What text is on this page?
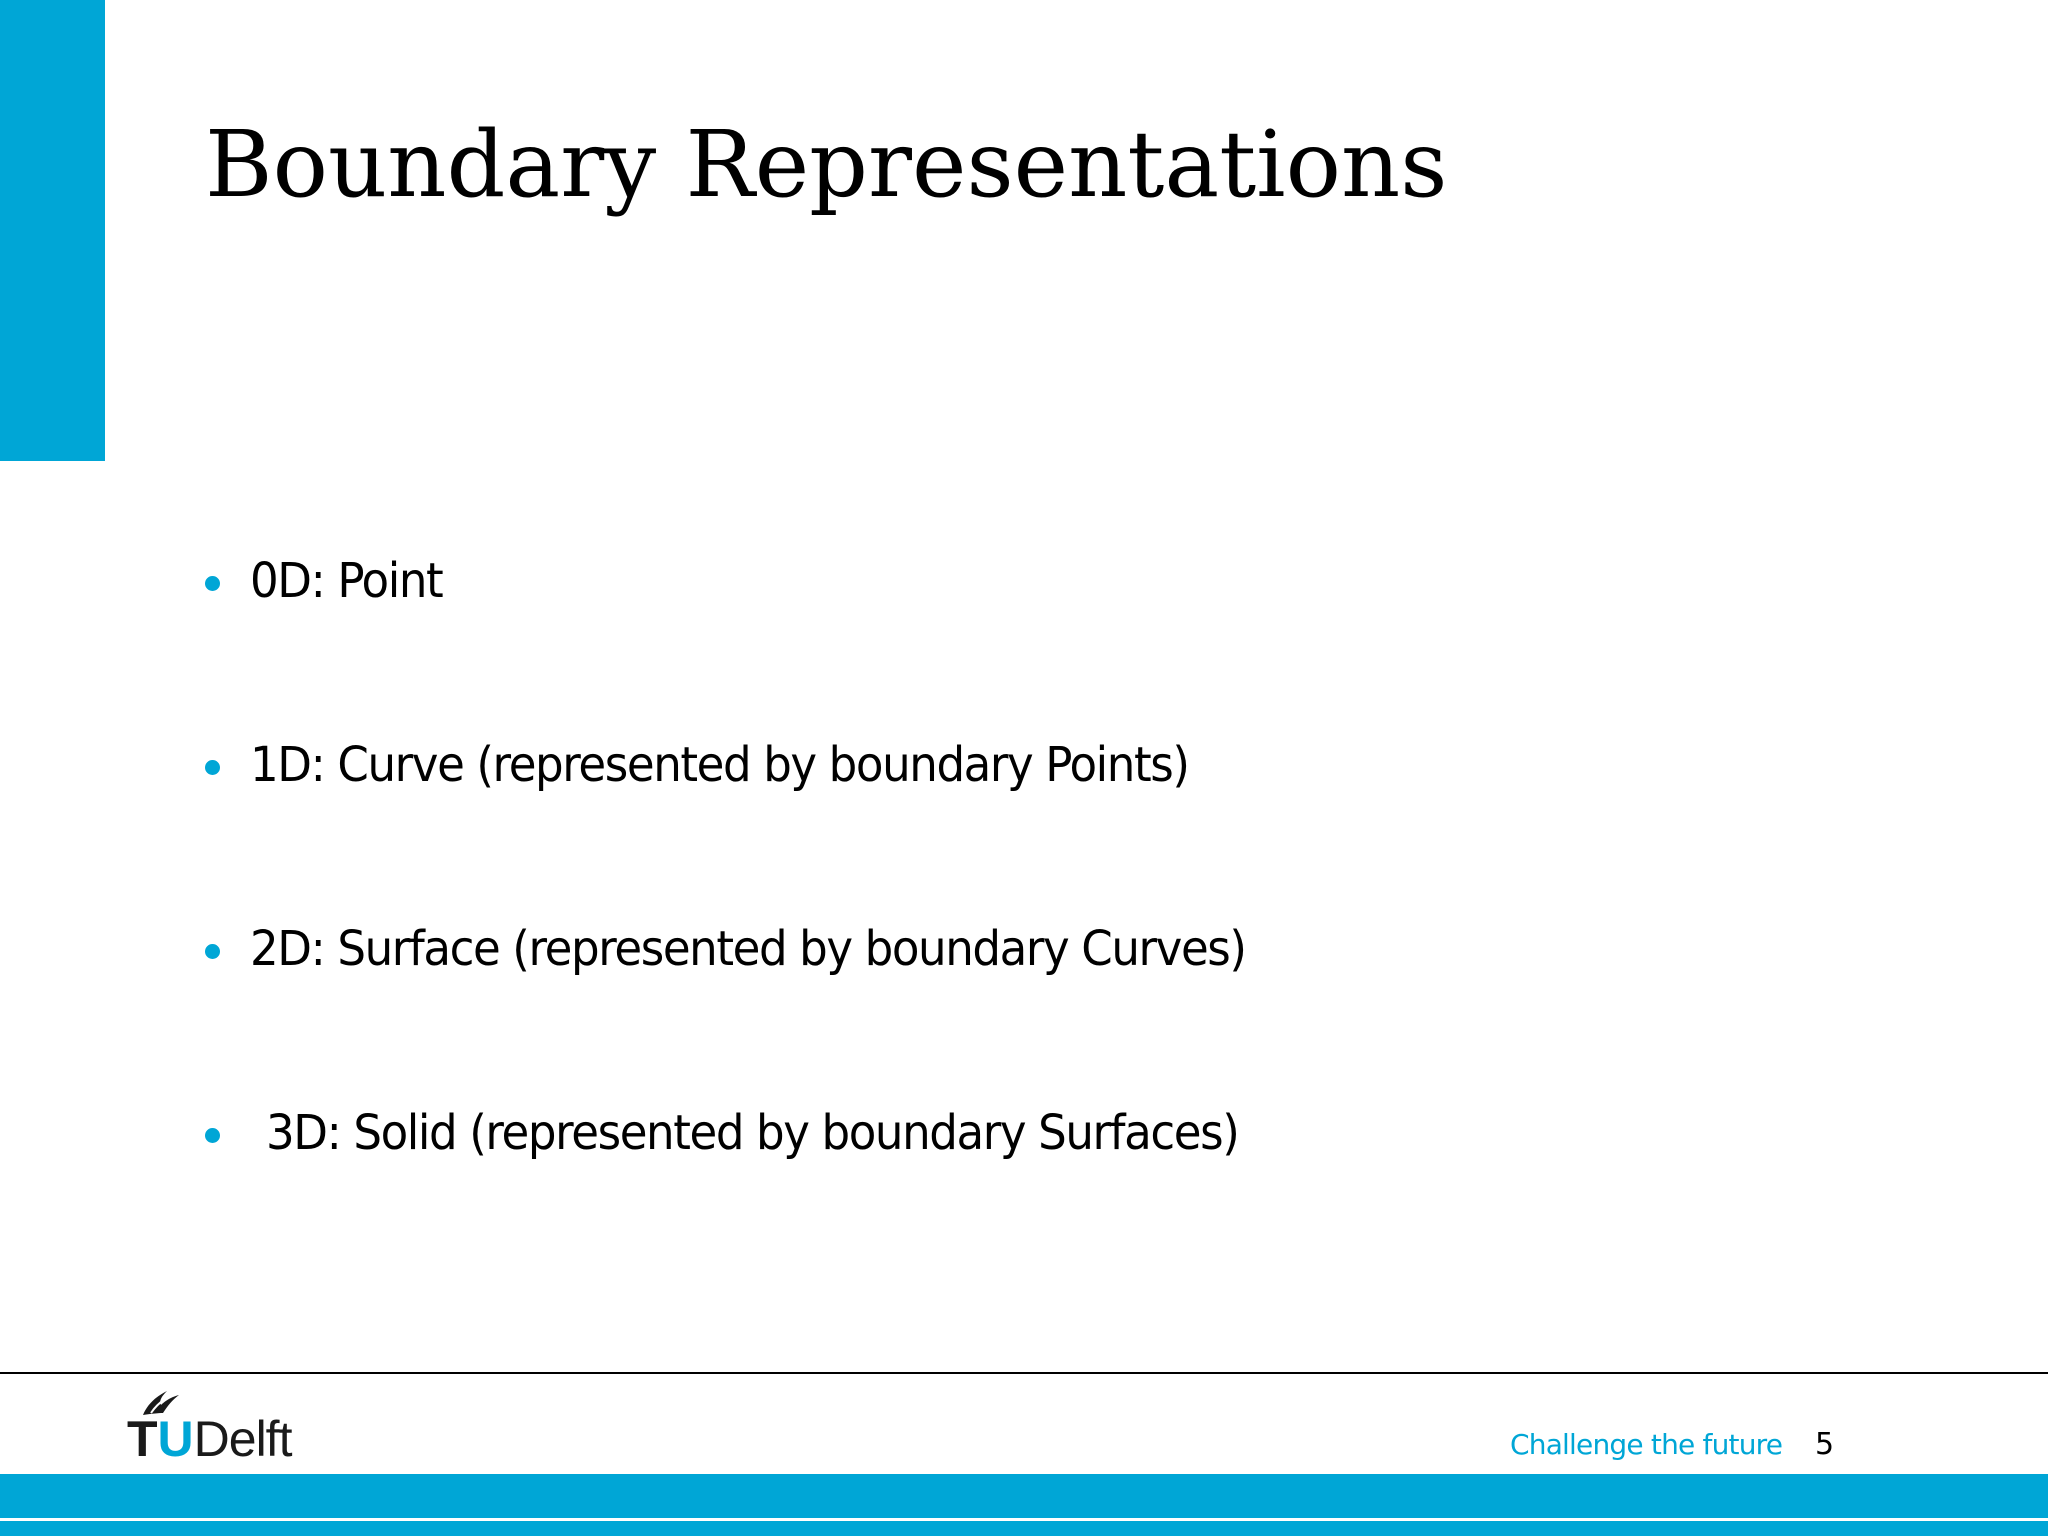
Boundary Representations
0D: Point
1D: Curve (represented by boundary Points)
2D: Surface (represented by boundary Curves)
3D: Solid (represented by boundary Surfaces)
TUDelft	Challenge the future 5
